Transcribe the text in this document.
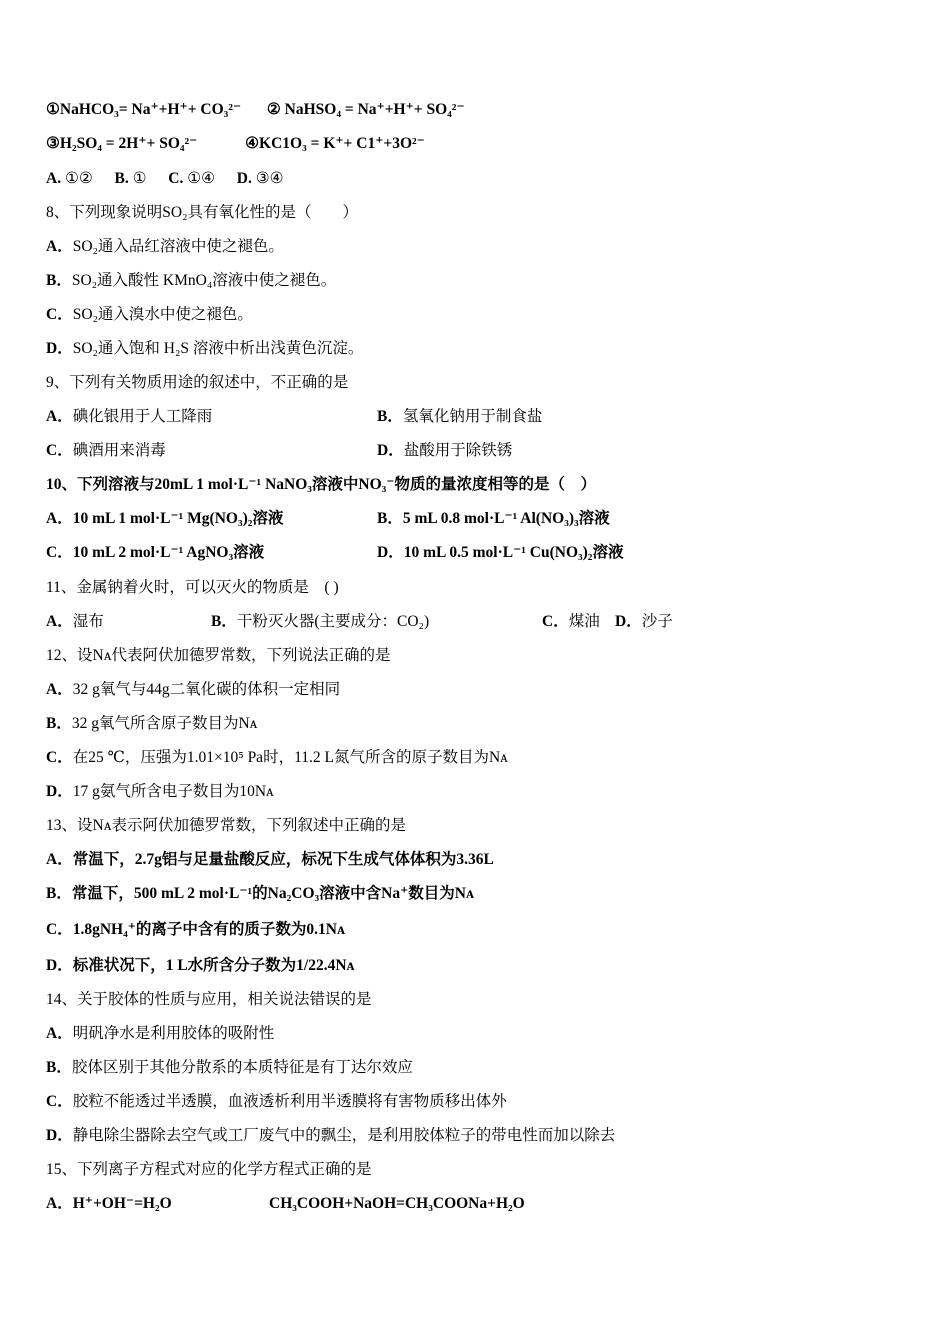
①NaHCO₃= Na⁺+H⁺+ CO₃²⁻ ② NaHSO₄ = Na⁺+H⁺+ SO₄²⁻
③H₂SO₄ = 2H⁺+ SO₄²⁻	④KC1O₃ = K⁺+ C1⁺+3O²⁻
A. ①② B. ① C. ①④ D. ③④
8、下列现象说明SO₂具有氧化性的是（　　）
A．SO₂通入品红溶液中使之褪色。
B．SO₂通入酸性 KMnO₄溶液中使之褪色。
C．SO₂通入溴水中使之褪色。
D．SO₂通入饱和 H₂S 溶液中析出浅黄色沉淀。
9、下列有关物质用途的叙述中，不正确的是
A．碘化银用于人工降雨	B．氢氧化钠用于制食盐
C．碘酒用来消毒	D．盐酸用于除铁锈
10、下列溶液与20mL 1 mol·L⁻¹ NaNO₃溶液中NO₃⁻物质的量浓度相等的是（　）
A．10 mL 1 mol·L⁻¹ Mg(NO₃)₂溶液	B．5 mL 0.8 mol·L⁻¹ Al(NO₃)₃溶液
C．10 mL 2 mol·L⁻¹ AgNO₃溶液	D．10 mL 0.5 mol·L⁻¹ Cu(NO₃)₂溶液
11、金属钠着火时，可以灭火的物质是　( )
A．湿布	B．干粉灭火器(主要成分：CO₂)	C．煤油 D．沙子
12、设Nᴀ代表阿伏加德罗常数，下列说法正确的是
A．32 g氧气与44g二氧化碳的体积一定相同
B．32 g氧气所含原子数目为Nᴀ
C．在25 ℃，压强为1.01×10⁵ Pa时，11.2 L氮气所含的原子数目为Nᴀ
D．17 g氨气所含电子数目为10Nᴀ
13、设Nᴀ表示阿伏加德罗常数，下列叙述中正确的是
A．常温下，2.7g铝与足量盐酸反应，标况下生成气体体积为3.36L
B．常温下，500 mL 2 mol·L⁻¹的Na₂CO₃溶液中含Na⁺数目为Nᴀ
C．1.8gNH₄⁺的离子中含有的质子数为0.1Nᴀ
D．标准状况下，1 L水所含分子数为1/22.4Nᴀ
14、关于胶体的性质与应用，相关说法错误的是
A．明矾净水是利用胶体的吸附性
B．胶体区别于其他分散系的本质特征是有丁达尔效应
C．胶粒不能透过半透膜，血液透析利用半透膜将有害物质移出体外
D．静电除尘器除去空气或工厂废气中的飘尘，是利用胶体粒子的带电性而加以除去
15、下列离子方程式对应的化学方程式正确的是
A．H⁺+OH⁻=H₂O	CH₃COOH+NaOH=CH₃COONa+H₂O
